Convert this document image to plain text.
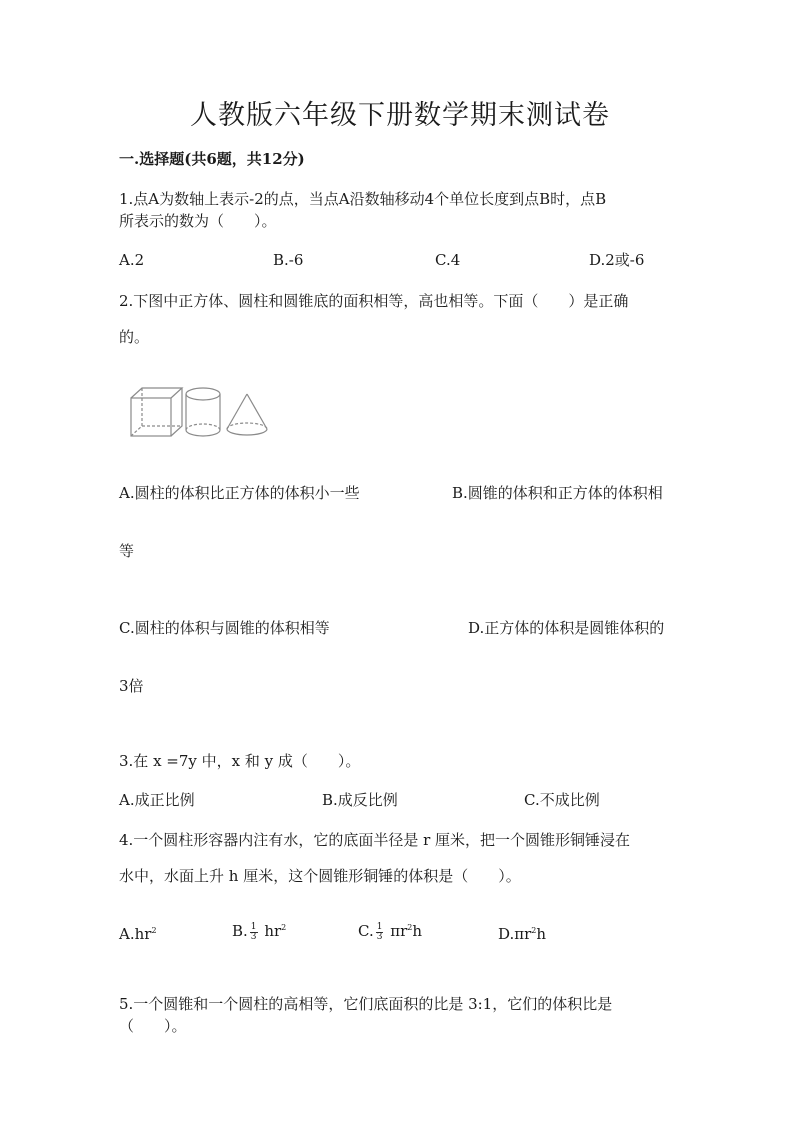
人教版六年级下册数学期末测试卷
一.选择题(共6题，共12分)
1.点A为数轴上表示-2的点，当点A沿数轴移动4个单位长度到点B时，点B
所表示的数为（　　）。
A.2	B.-6	C.4	D.2或-6
2.下图中正方体、圆柱和圆锥底的面积相等，高也相等。下面（　　）是正确
的。
A.圆柱的体积比正方体的体积小一些	B.圆锥的体积和正方体的体积相
等
C.圆柱的体积与圆锥的体积相等	D.正方体的体积是圆锥体积的
3倍
3.在 x =7y 中，x 和 y 成（　　）。
A.成正比例	B.成反比例	C.不成比例
4.一个圆柱形容器内注有水，它的底面半径是 r 厘米，把一个圆锥形铜锤浸在
水中，水面上升 h 厘米，这个圆锥形铜锤的体积是（　　）。
$A.hr^2$	B. $\frac{1}{3} hr^2$	C. $\frac{1}{3} \pi r^2h$	$D.\pi r^2h$
5.一个圆锥和一个圆柱的高相等，它们底面积的比是 3:1，它们的体积比是
（　　）。
